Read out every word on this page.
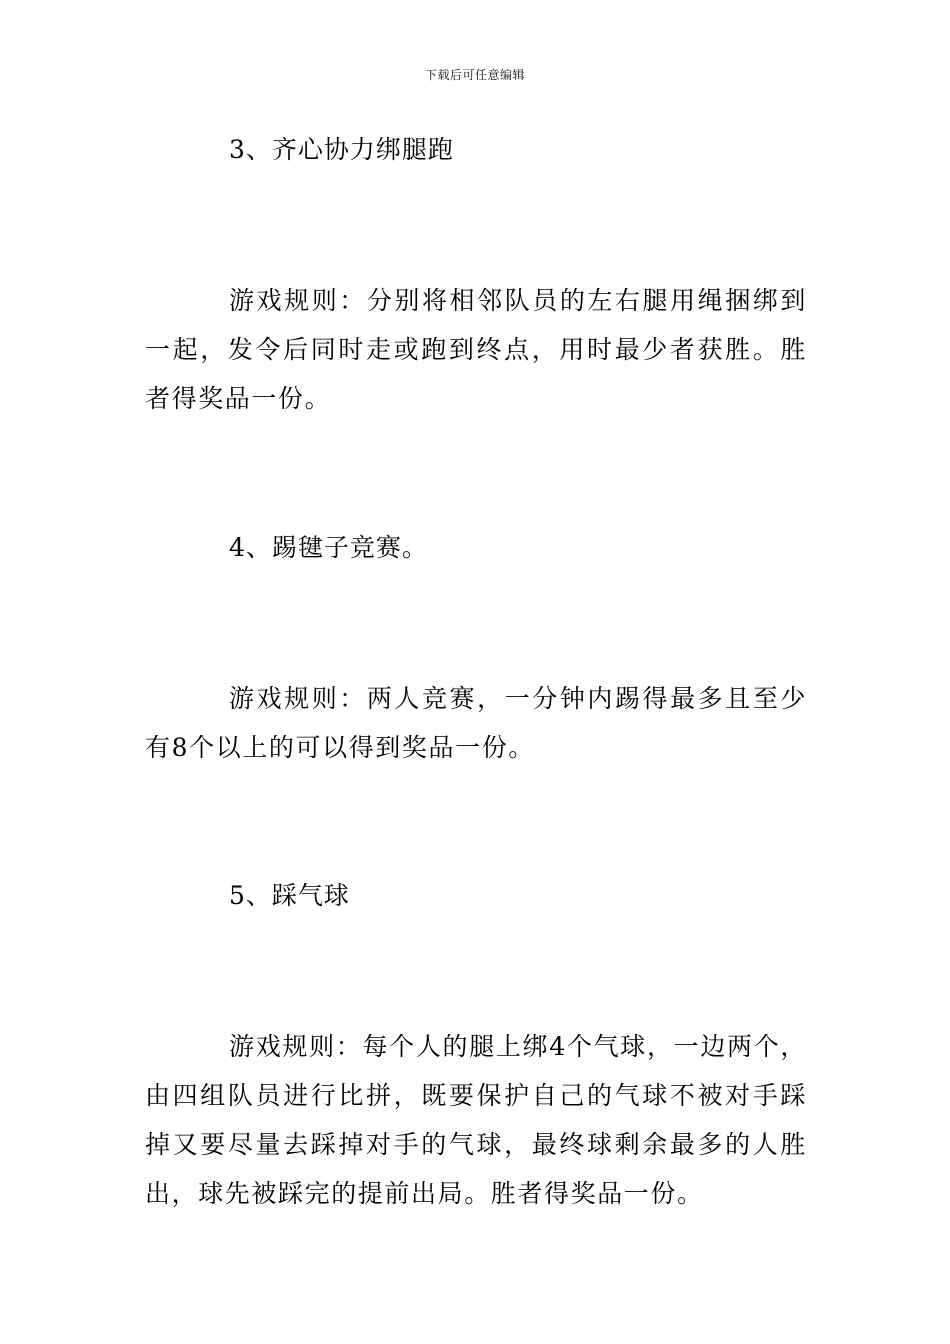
下载后可任意编辑
3、齐心协力绑腿跑
游戏规则：分别将相邻队员的左右腿用绳捆绑到一起，发令后同时走或跑到终点，用时最少者获胜。胜者得奖品一份。
4、踢毽子竞赛。
游戏规则：两人竞赛，一分钟内踢得最多且至少有8个以上的可以得到奖品一份。
5、踩气球
游戏规则：每个人的腿上绑4个气球，一边两个，由四组队员进行比拼，既要保护自己的气球不被对手踩掉又要尽量去踩掉对手的气球，最终球剩余最多的人胜出，球先被踩完的提前出局。胜者得奖品一份。
